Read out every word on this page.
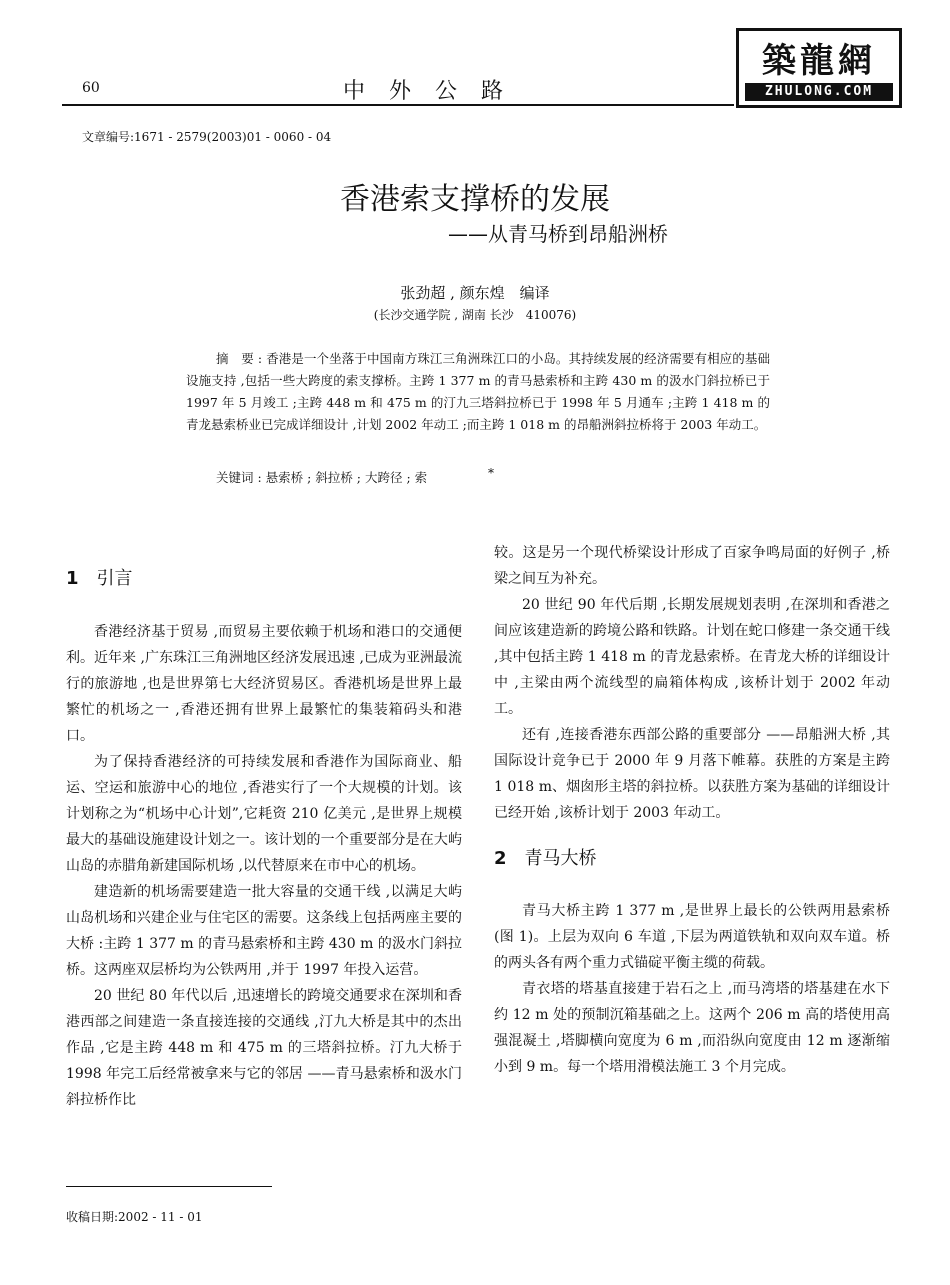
60	中外公路
築龍網
ZHULONG.COM
文章编号:1671 - 2579(2003)01 - 0060 - 04
香港索支撑桥的发展
——从青马桥到昂船洲桥
张劲超 , 颜东煌　编译
(长沙交通学院 , 湖南 长沙　410076)
摘　要 : 香港是一个坐落于中国南方珠江三角洲珠江口的小岛。其持续发展的经济需要有相应的基础设施支持 ,包括一些大跨度的索支撑桥。主跨 1 377 m 的青马悬索桥和主跨 430 m 的汲水门斜拉桥已于 1997 年 5 月竣工 ;主跨 448 m 和 475 m 的汀九三塔斜拉桥已于 1998 年 5 月通车 ;主跨 1 418 m 的青龙悬索桥业已完成详细设计 ,计划 2002 年动工 ;而主跨 1 018 m 的昂船洲斜拉桥将于 2003 年动工。
关键词 : 悬索桥 ; 斜拉桥 ; 大跨径 ; 索	*
1 引言

香港经济基于贸易 ,而贸易主要依赖于机场和港口的交通便利。近年来 ,广东珠江三角洲地区经济发展迅速 ,已成为亚洲最流行的旅游地 ,也是世界第七大经济贸易区。香港机场是世界上最繁忙的机场之一 ,香港还拥有世界上最繁忙的集装箱码头和港口。

为了保持香港经济的可持续发展和香港作为国际商业、船运、空运和旅游中心的地位 ,香港实行了一个大规模的计划。该计划称之为“机场中心计划”,它耗资 210 亿美元 ,是世界上规模最大的基础设施建设计划之一。该计划的一个重要部分是在大屿山岛的赤腊角新建国际机场 ,以代替原来在市中心的机场。

建造新的机场需要建造一批大容量的交通干线 ,以满足大屿山岛机场和兴建企业与住宅区的需要。这条线上包括两座主要的大桥 :主跨 1 377 m 的青马悬索桥和主跨 430 m 的汲水门斜拉桥。这两座双层桥均为公铁两用 ,并于 1997 年投入运营。

20 世纪 80 年代以后 ,迅速增长的跨境交通要求在深圳和香港西部之间建造一条直接连接的交通线 ,汀九大桥是其中的杰出作品 ,它是主跨 448 m 和 475 m 的三塔斜拉桥。汀九大桥于 1998 年完工后经常被拿来与它的邻居 ——青马悬索桥和汲水门斜拉桥作比

较。这是另一个现代桥梁设计形成了百家争鸣局面的好例子 ,桥梁之间互为补充。

20 世纪 90 年代后期 ,长期发展规划表明 ,在深圳和香港之间应该建造新的跨境公路和铁路。计划在蛇口修建一条交通干线 ,其中包括主跨 1 418 m 的青龙悬索桥。在青龙大桥的详细设计中 ,主梁由两个流线型的扁箱体构成 ,该桥计划于 2002 年动工。

还有 ,连接香港东西部公路的重要部分 ——昂船洲大桥 ,其国际设计竞争已于 2000 年 9 月落下帷幕。获胜的方案是主跨 1 018 m、烟囱形主塔的斜拉桥。以获胜方案为基础的详细设计已经开始 ,该桥计划于 2003 年动工。

2 青马大桥

青马大桥主跨 1 377 m ,是世界上最长的公铁两用悬索桥(图 1)。上层为双向 6 车道 ,下层为两道铁轨和双向双车道。桥的两头各有两个重力式锚碇平衡主缆的荷载。

青衣塔的塔基直接建于岩石之上 ,而马湾塔的塔基建在水下约 12 m 处的预制沉箱基础之上。这两个 206 m 高的塔使用高强混凝土 ,塔脚横向宽度为 6 m ,而沿纵向宽度由 12 m 逐渐缩小到 9 m。每一个塔用滑模法施工 3 个月完成。

收稿日期:2002 - 11 - 01
